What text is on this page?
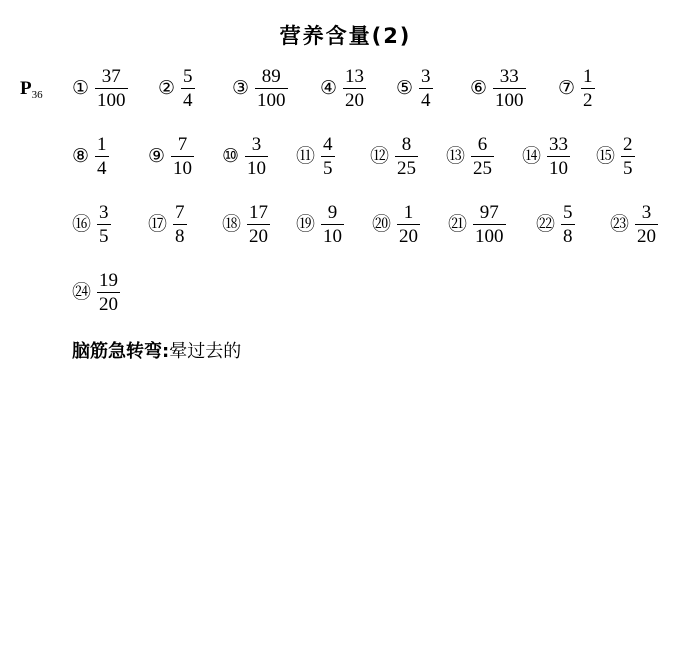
营养含量(2)
$P_{36}$ ① $\frac{37}{100}$ ② $\frac{5}{4}$ ③ $\frac{89}{100}$ ④ $\frac{13}{20}$ ⑤ $\frac{3}{4}$ ⑥ $\frac{33}{100}$ ⑦ $\frac{1}{2}$
⑧ $\frac{1}{4}$ ⑨ $\frac{7}{10}$ ⑩ $\frac{3}{10}$ ⑪ $\frac{4}{5}$ ⑫ $\frac{8}{25}$ ⑬ $\frac{6}{25}$ ⑭ $\frac{33}{10}$ ⑮ $\frac{2}{5}$
⑯ $\frac{3}{5}$ ⑰ $\frac{7}{8}$ ⑱ $\frac{17}{20}$ ⑲ $\frac{9}{10}$ ⑳ $\frac{1}{20}$ ㉑ $\frac{97}{100}$ ㉒ $\frac{5}{8}$ ㉓ $\frac{3}{20}$
㉔ $\frac{19}{20}$
脑筋急转弯:晕过去的
